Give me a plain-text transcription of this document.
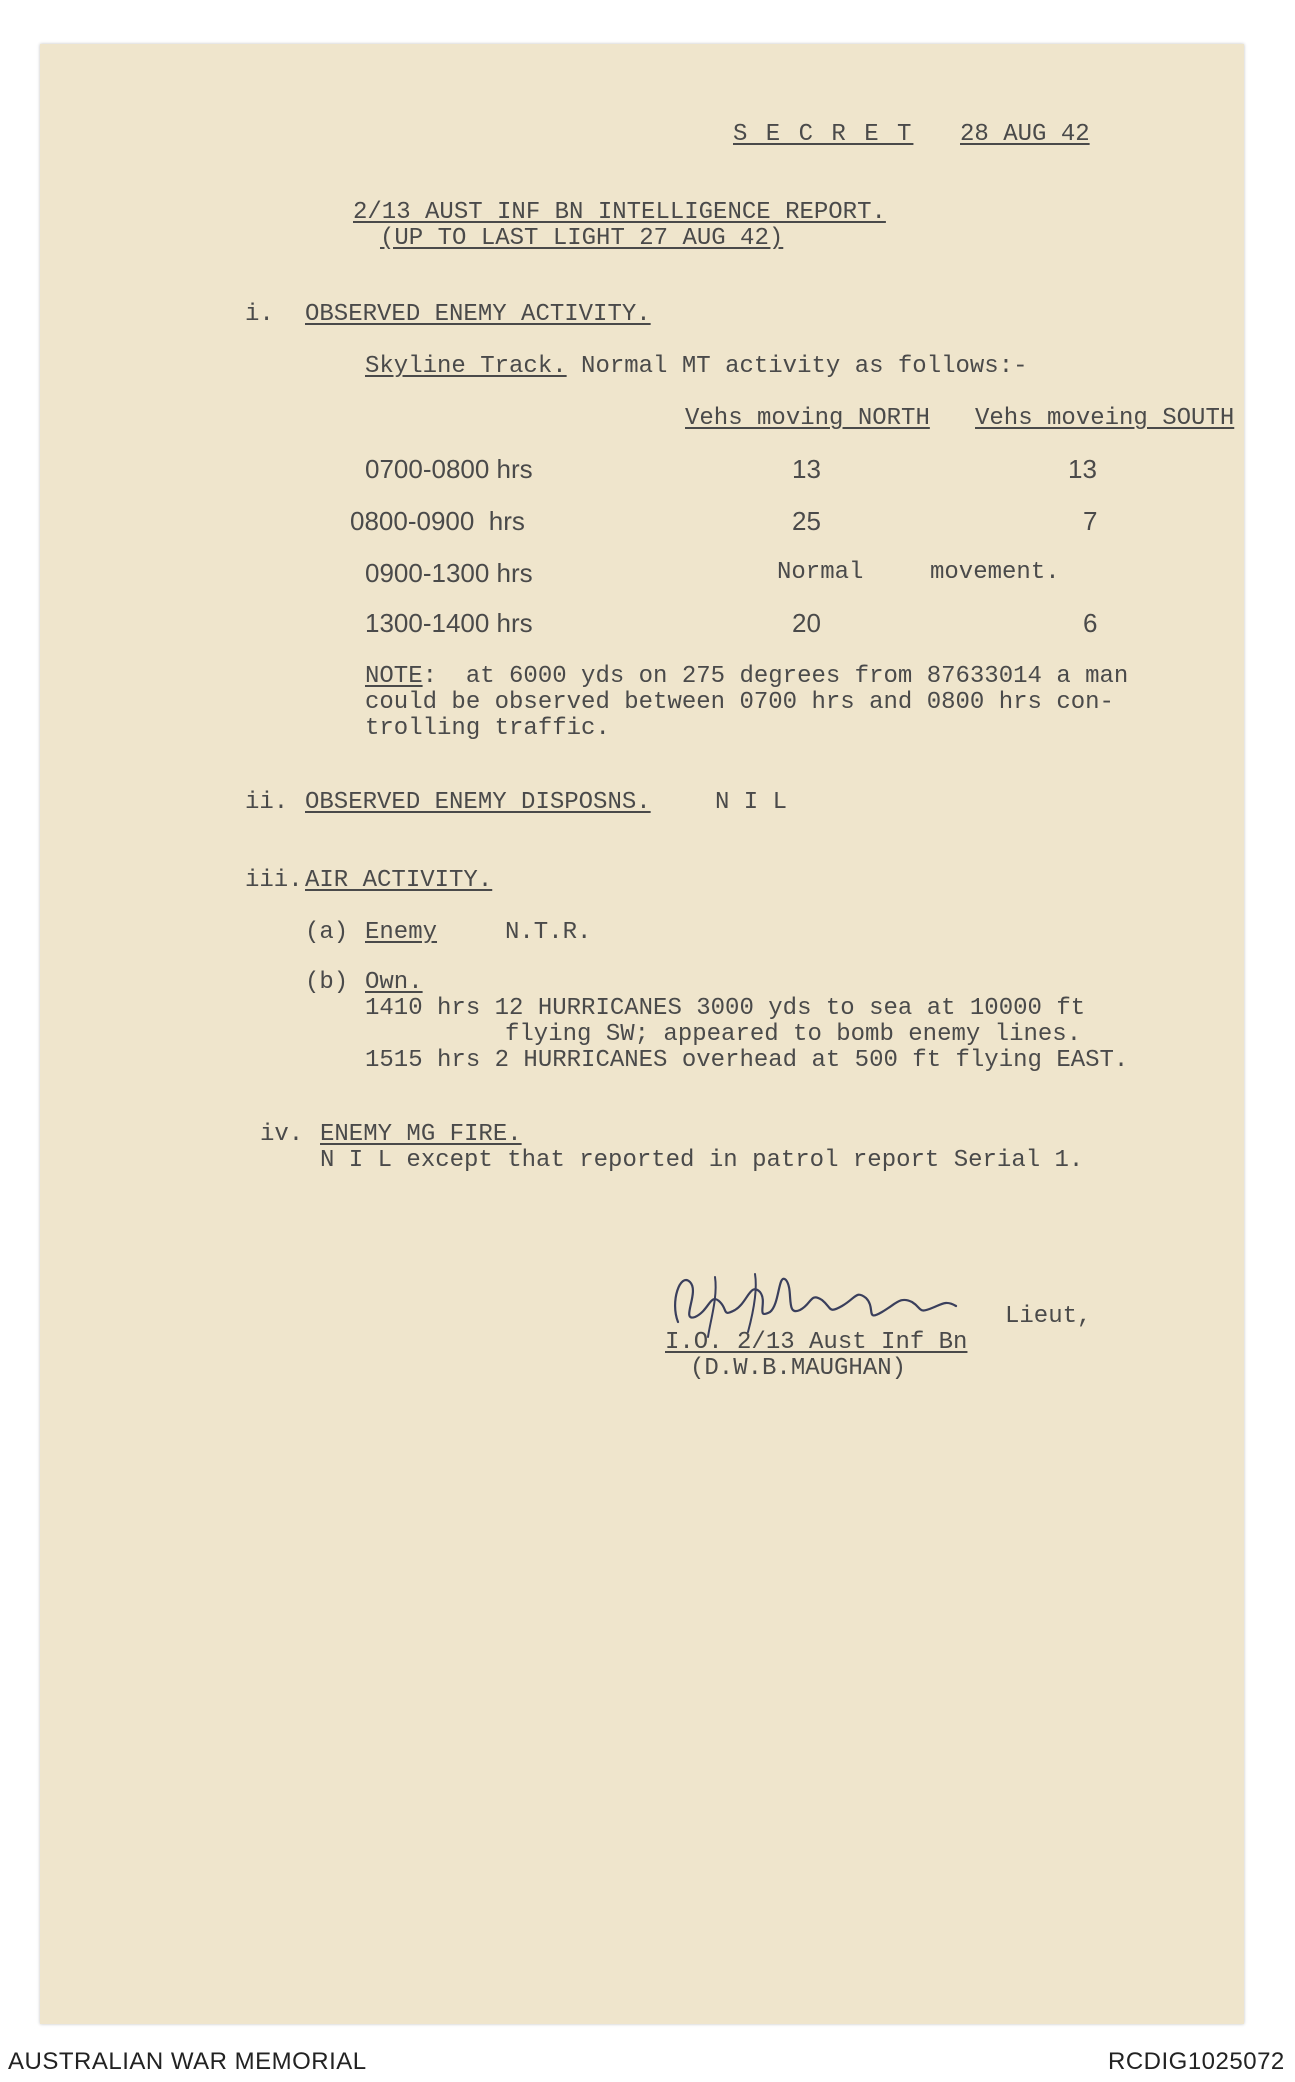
S E C R E T 28 AUG 42
2/13 AUST INF BN INTELLIGENCE REPORT.
(UP TO LAST LIGHT 27 AUG 42)
i. OBSERVED ENEMY ACTIVITY.
Skyline Track. Normal MT activity as follows:-
Vehs moving NORTH Vehs moveing SOUTH
0700-0800 hrs	13	13
0800-0900  hrs	25	7
0900-1300 hrs	Normal	movement.
1300-1400 hrs	20	6
NOTE:  at 6000 yds on 275 degrees from 87633014 a man
could be observed between 0700 hrs and 0800 hrs con-
trolling traffic.
ii. OBSERVED ENEMY DISPOSNS.	N I L
iii. AIR ACTIVITY.
(a) Enemy	N.T.R.
(b) Own.
1410 hrs 12 HURRICANES 3000 yds to sea at 10000 ft
flying SW; appeared to bomb enemy lines.
1515 hrs 2 HURRICANES overhead at 500 ft flying EAST.
iv. ENEMY MG FIRE.
N I L except that reported in patrol report Serial 1.
Lieut,
I.O. 2/13 Aust Inf Bn
(D.W.B.MAUGHAN)
AUSTRALIAN WAR MEMORIAL	RCDIG1025072
